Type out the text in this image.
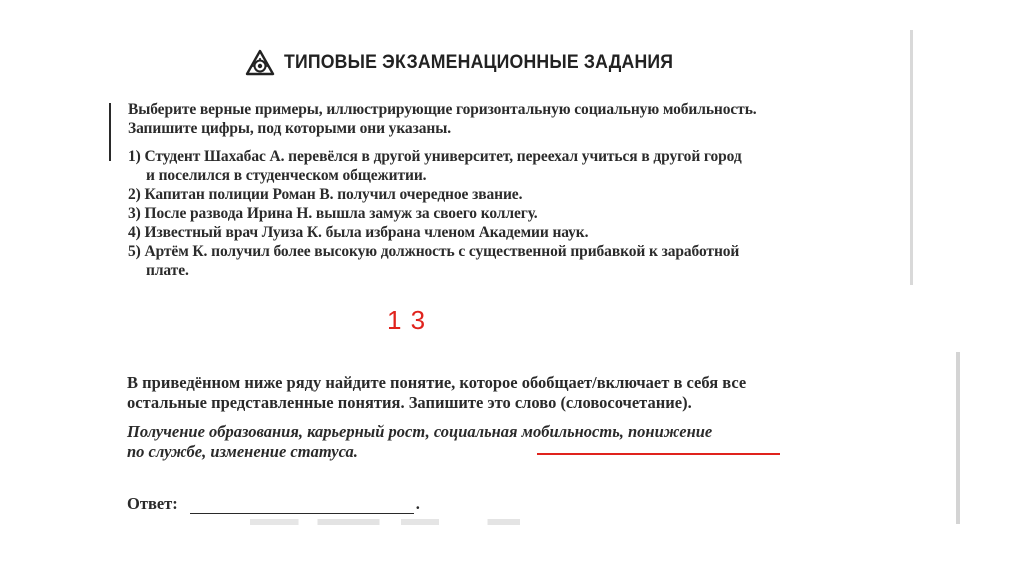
ТИПОВЫЕ ЭКЗАМЕНАЦИОННЫЕ ЗАДАНИЯ

Выберите верные примеры, иллюстрирующие горизонтальную социальную мобильность.

Запишите цифры, под которыми они указаны.

1) Студент Шахабас А. перевёлся в другой университет, переехал учиться в другой город

и поселился в студенческом общежитии.

2) Капитан полиции Роман В. получил очередное звание.

3) После развода Ирина Н. вышла замуж за своего коллегу.

4) Известный врач Луиза К. была избрана членом Академии наук.

5) Артём К. получил более высокую должность с существенной прибавкой к заработной

плате.

1 3

В приведённом ниже ряду найдите понятие, которое обобщает/включает в себя все

остальные представленные понятия. Запишите это слово (словосочетание).

Получение образования, карьерный рост, социальная мобильность, понижение

по службе, изменение статуса.

Ответ:	.
